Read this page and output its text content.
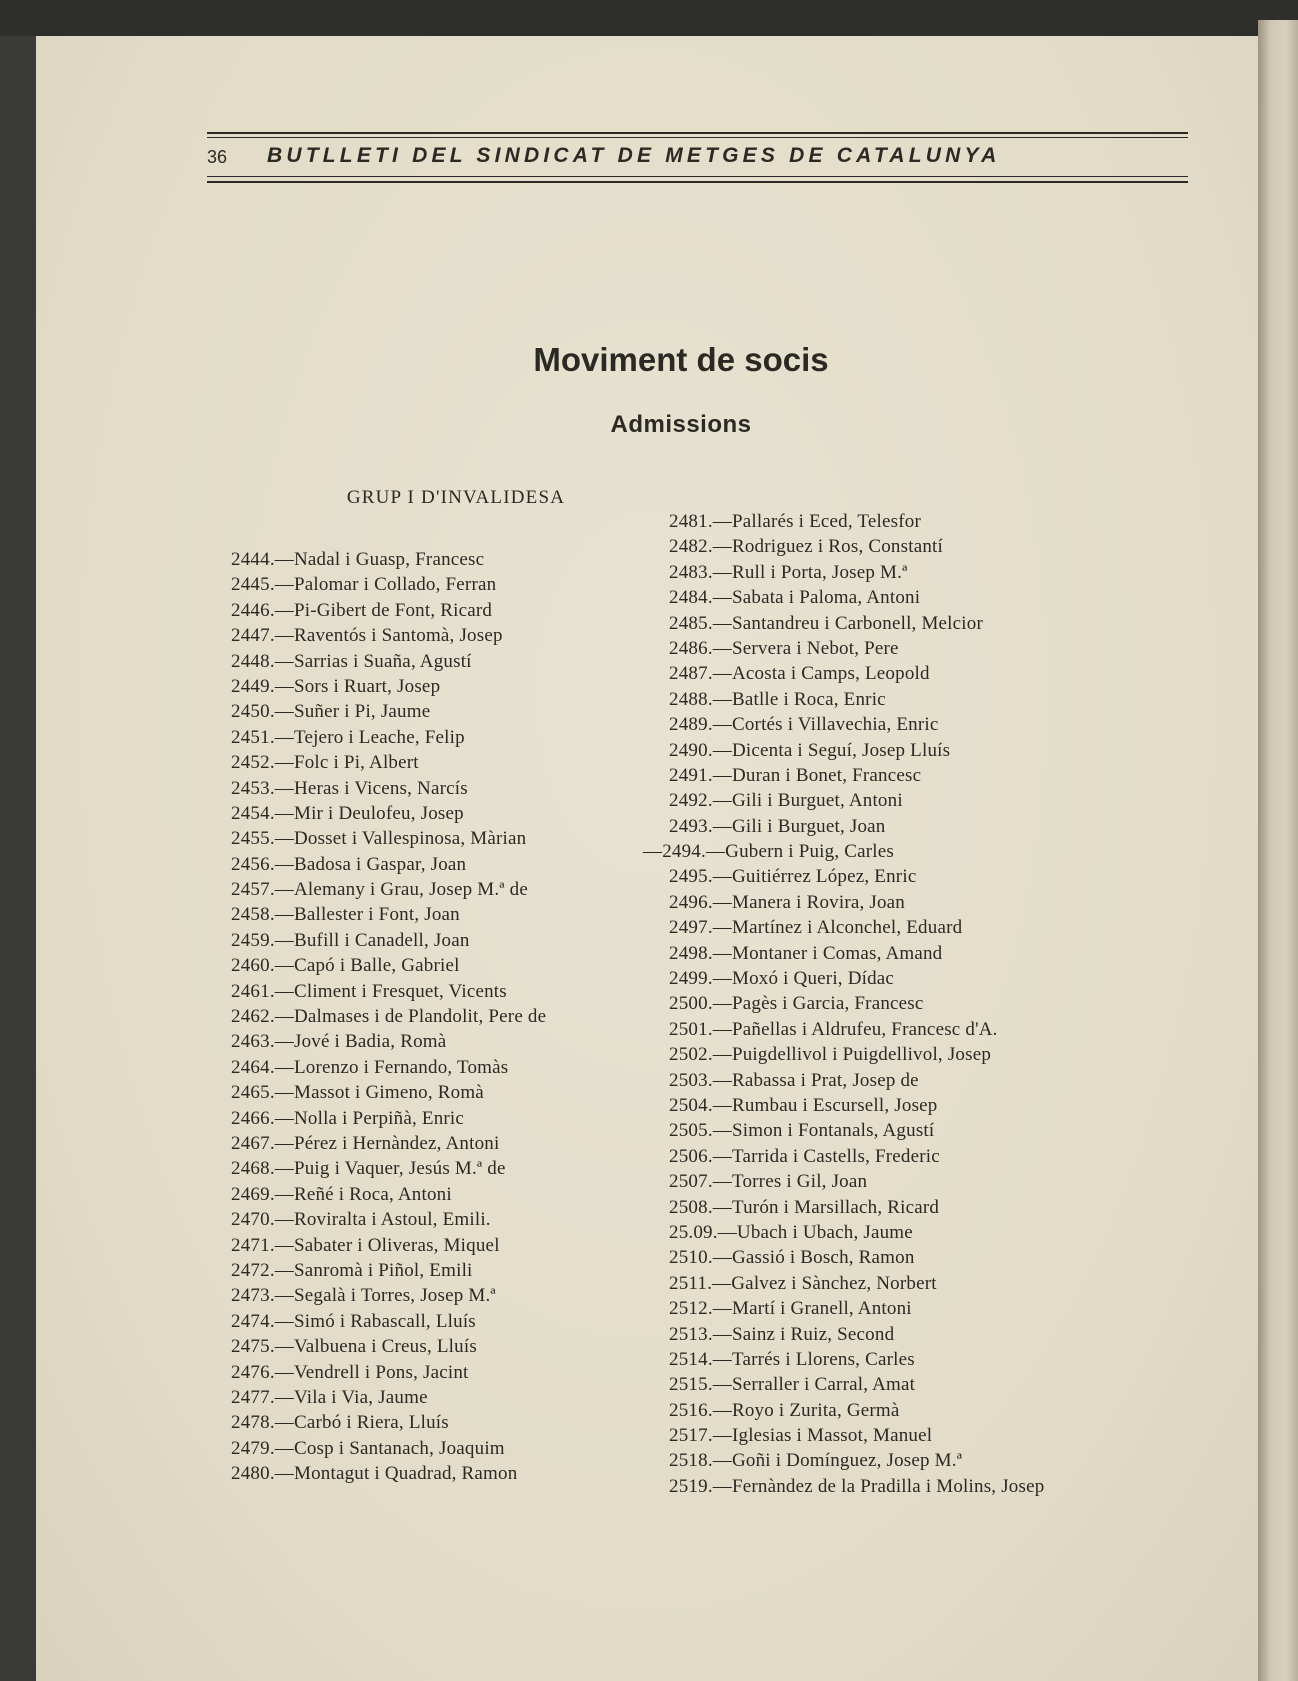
36 BUTLLETI DEL SINDICAT DE METGES DE CATALUNYA
Moviment de socis
Admissions
GRUP I D'INVALIDESA
2444.—Nadal i Guasp, Francesc
2445.—Palomar i Collado, Ferran
2446.—Pi-Gibert de Font, Ricard
2447.—Raventós i Santomà, Josep
2448.—Sarrias i Suaña, Agustí
2449.—Sors i Ruart, Josep
2450.—Suñer i Pi, Jaume
2451.—Tejero i Leache, Felip
2452.—Folc i Pi, Albert
2453.—Heras i Vicens, Narcís
2454.—Mir i Deulofeu, Josep
2455.—Dosset i Vallespinosa, Màrian
2456.—Badosa i Gaspar, Joan
2457.—Alemany i Grau, Josep M.ª de
2458.—Ballester i Font, Joan
2459.—Bufill i Canadell, Joan
2460.—Capó i Balle, Gabriel
2461.—Climent i Fresquet, Vicents
2462.—Dalmases i de Plandolit, Pere de
2463.—Jové i Badia, Romà
2464.—Lorenzo i Fernando, Tomàs
2465.—Massot i Gimeno, Romà
2466.—Nolla i Perpiñà, Enric
2467.—Pérez i Hernàndez, Antoni
2468.—Puig i Vaquer, Jesús M.ª de
2469.—Reñé i Roca, Antoni
2470.—Roviralta i Astoul, Emili.
2471.—Sabater i Oliveras, Miquel
2472.—Sanromà i Piñol, Emili
2473.—Segalà i Torres, Josep M.ª
2474.—Simó i Rabascall, Lluís
2475.—Valbuena i Creus, Lluís
2476.—Vendrell i Pons, Jacint
2477.—Vila i Via, Jaume
2478.—Carbó i Riera, Lluís
2479.—Cosp i Santanach, Joaquim
2480.—Montagut i Quadrad, Ramon
2481.—Pallarés i Eced, Telesfor
2482.—Rodriguez i Ros, Constantí
2483.—Rull i Porta, Josep M.ª
2484.—Sabata i Paloma, Antoni
2485.—Santandreu i Carbonell, Melcior
2486.—Servera i Nebot, Pere
2487.—Acosta i Camps, Leopold
2488.—Batlle i Roca, Enric
2489.—Cortés i Villavechia, Enric
2490.—Dicenta i Seguí, Josep Lluís
2491.—Duran i Bonet, Francesc
2492.—Gili i Burguet, Antoni
2493.—Gili i Burguet, Joan
—2494.—Gubern i Puig, Carles
2495.—Guitiérrez López, Enric
2496.—Manera i Rovira, Joan
2497.—Martínez i Alconchel, Eduard
2498.—Montaner i Comas, Amand
2499.—Moxó i Queri, Dídac
2500.—Pagès i Garcia, Francesc
2501.—Pañellas i Aldrufeu, Francesc d'A.
2502.—Puigdellivol i Puigdellivol, Josep
2503.—Rabassa i Prat, Josep de
2504.—Rumbau i Escursell, Josep
2505.—Simon i Fontanals, Agustí
2506.—Tarrida i Castells, Frederic
2507.—Torres i Gil, Joan
2508.—Turón i Marsillach, Ricard
25.09.—Ubach i Ubach, Jaume
2510.—Gassió i Bosch, Ramon
2511.—Galvez i Sànchez, Norbert
2512.—Martí i Granell, Antoni
2513.—Sainz i Ruiz, Second
2514.—Tarrés i Llorens, Carles
2515.—Serraller i Carral, Amat
2516.—Royo i Zurita, Germà
2517.—Iglesias i Massot, Manuel
2518.—Goñi i Domínguez, Josep M.ª
2519.—Fernàndez de la Pradilla i Molins, Josep
